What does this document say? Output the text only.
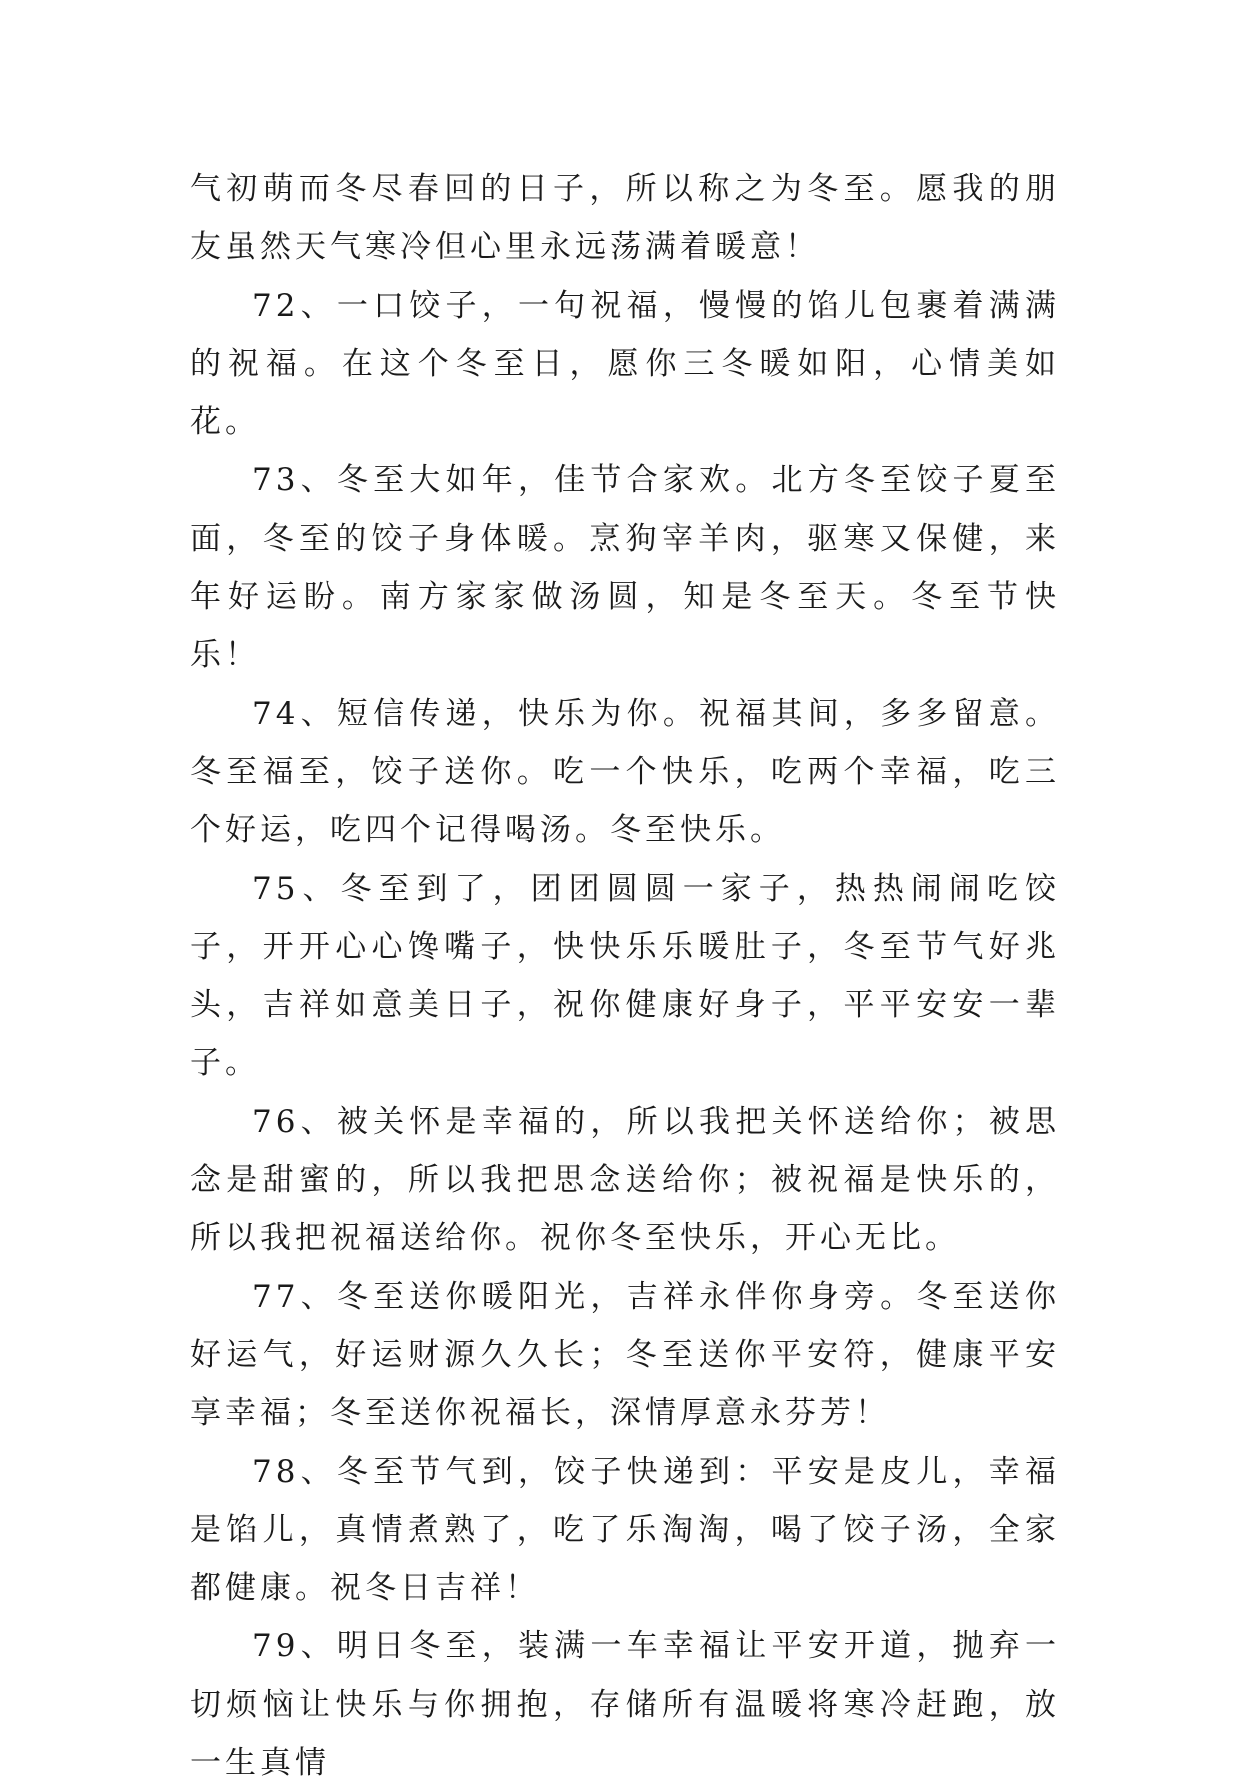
气初萌而冬尽春回的日子，所以称之为冬至。愿我的朋友虽然天气寒冷但心里永远荡满着暖意！

72、一口饺子，一句祝福，慢慢的馅儿包裹着满满的祝福。在这个冬至日，愿你三冬暖如阳，心情美如花。

73、冬至大如年，佳节合家欢。北方冬至饺子夏至面，冬至的饺子身体暖。烹狗宰羊肉，驱寒又保健，来年好运盼。南方家家做汤圆，知是冬至天。冬至节快乐！

74、短信传递，快乐为你。祝福其间，多多留意。冬至福至，饺子送你。吃一个快乐，吃两个幸福，吃三个好运，吃四个记得喝汤。冬至快乐。

75、冬至到了，团团圆圆一家子，热热闹闹吃饺子，开开心心馋嘴子，快快乐乐暖肚子，冬至节气好兆头，吉祥如意美日子，祝你健康好身子，平平安安一辈子。

76、被关怀是幸福的，所以我把关怀送给你；被思念是甜蜜的，所以我把思念送给你；被祝福是快乐的，所以我把祝福送给你。祝你冬至快乐，开心无比。

77、冬至送你暖阳光，吉祥永伴你身旁。冬至送你好运气，好运财源久久长；冬至送你平安符，健康平安享幸福；冬至送你祝福长，深情厚意永芬芳！

78、冬至节气到，饺子快递到：平安是皮儿，幸福是馅儿，真情煮熟了，吃了乐淘淘，喝了饺子汤，全家都健康。祝冬日吉祥！

79、明日冬至，装满一车幸福让平安开道，抛弃一切烦恼让快乐与你拥抱，存储所有温暖将寒冷赶跑，放一生真情
